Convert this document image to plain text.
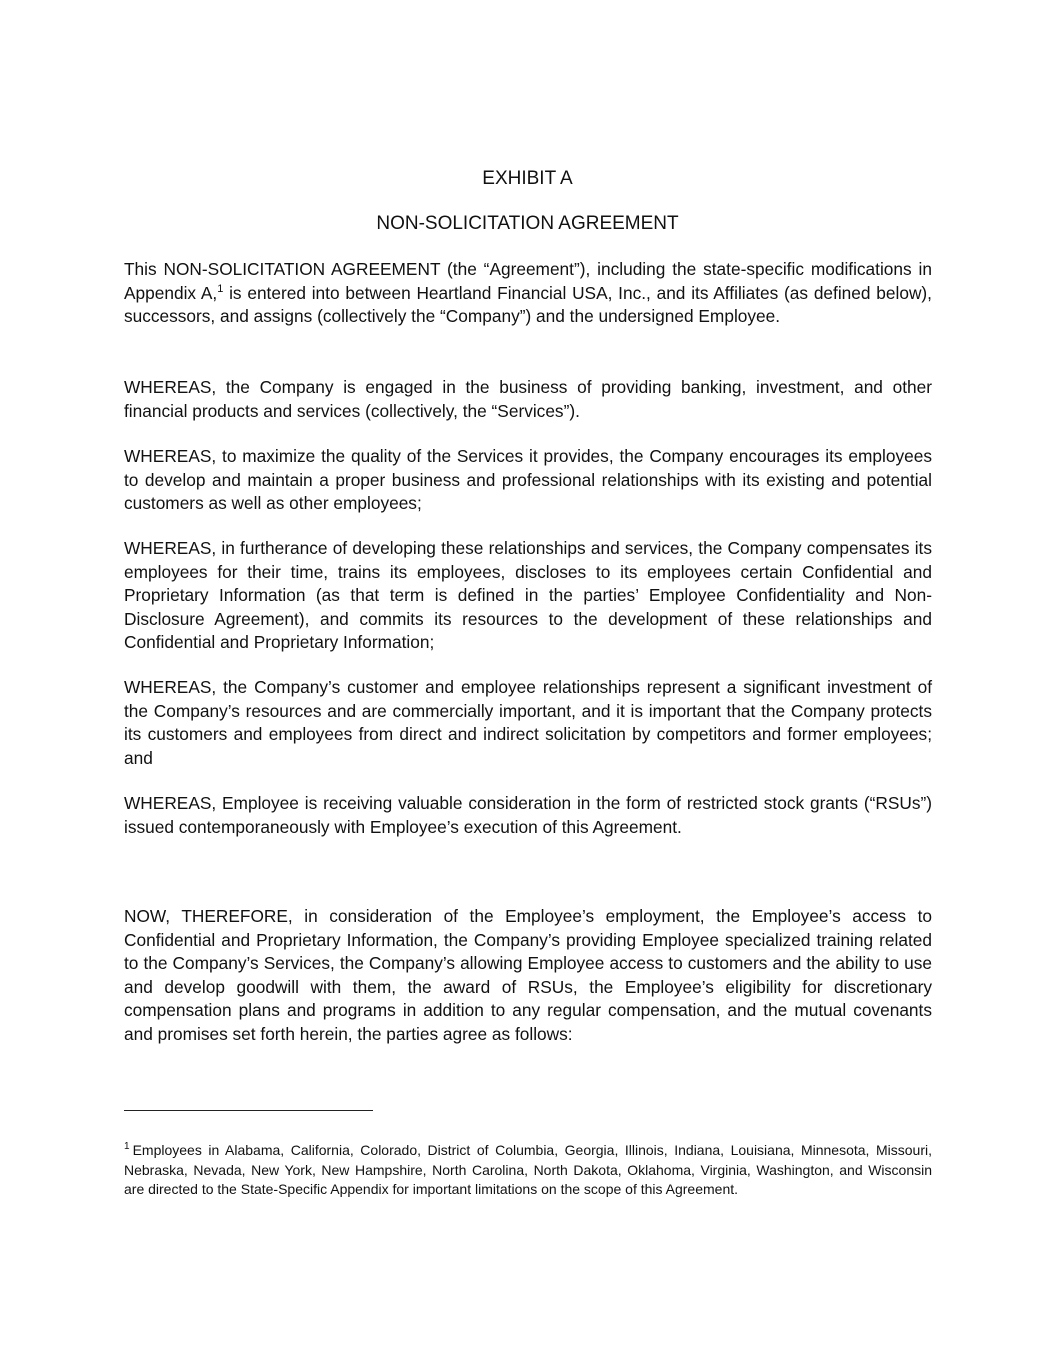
EXHIBIT A

NON-SOLICITATION AGREEMENT

This NON-SOLICITATION AGREEMENT (the “Agreement”), including the state-specific modifications in Appendix A,$^1$ is entered into between Heartland Financial USA, Inc., and its Affiliates (as defined below), successors, and assigns (collectively the “Company”) and the undersigned Employee.

WHEREAS, the Company is engaged in the business of providing banking, investment, and other financial products and services (collectively, the “Services”).

WHEREAS, to maximize the quality of the Services it provides, the Company encourages its employees to develop and maintain a proper business and professional relationships with its existing and potential customers as well as other employees;

WHEREAS, in furtherance of developing these relationships and services, the Company compensates its employees for their time, trains its employees, discloses to its employees certain Confidential and Proprietary Information (as that term is defined in the parties’ Employee Confidentiality and Non-Disclosure Agreement), and commits its resources to the development of these relationships and Confidential and Proprietary Information;

WHEREAS, the Company’s customer and employee relationships represent a significant investment of the Company’s resources and are commercially important, and it is important that the Company protects its customers and employees from direct and indirect solicitation by competitors and former employees; and

WHEREAS, Employee is receiving valuable consideration in the form of restricted stock grants (“RSUs”) issued contemporaneously with Employee’s execution of this Agreement.

NOW, THEREFORE, in consideration of the Employee’s employment, the Employee’s access to Confidential and Proprietary Information, the Company’s providing Employee specialized training related to the Company’s Services, the Company’s allowing Employee access to customers and the ability to use and develop goodwill with them, the award of RSUs, the Employee’s eligibility for discretionary compensation plans and programs in addition to any regular compensation, and the mutual covenants and promises set forth herein, the parties agree as follows:

$^1$ Employees in Alabama, California, Colorado, District of Columbia, Georgia, Illinois, Indiana, Louisiana, Minnesota, Missouri, Nebraska, Nevada, New York, New Hampshire, North Carolina, North Dakota, Oklahoma, Virginia, Washington, and Wisconsin are directed to the State-Specific Appendix for important limitations on the scope of this Agreement.
